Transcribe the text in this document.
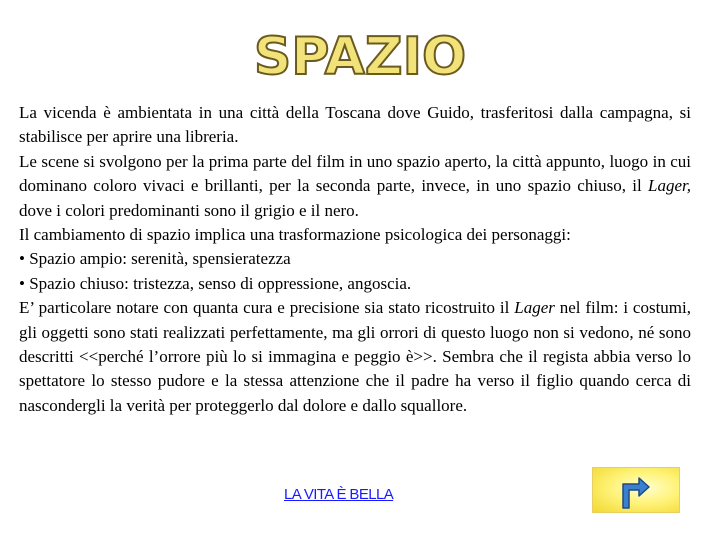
SPAZIO

La vicenda è ambientata in una città della Toscana dove Guido, trasferitosi dalla campagna, si stabilisce per aprire una libreria.

Le scene si svolgono per la prima parte del film in uno spazio aperto, la città appunto, luogo in cui dominano coloro vivaci e brillanti, per la seconda parte, invece, in uno spazio chiuso, il Lager, dove i colori predominanti sono il grigio e il nero.

Il cambiamento di spazio implica una trasformazione psicologica dei personaggi:

• Spazio ampio: serenità, spensieratezza

• Spazio chiuso: tristezza, senso di oppressione, angoscia.

E’ particolare notare con quanta cura e precisione sia stato ricostruito il Lager nel film: i costumi, gli oggetti sono stati realizzati perfettamente, ma gli orrori di questo luogo non si vedono, né sono descritti <<perché l’orrore più lo si immagina e peggio è>>. Sembra che il regista abbia verso lo spettatore lo stesso pudore e la stessa attenzione che il padre ha verso il figlio quando cerca di nascondergli la verità per proteggerlo dal dolore e dallo squallore.

LA VITA È BELLA
